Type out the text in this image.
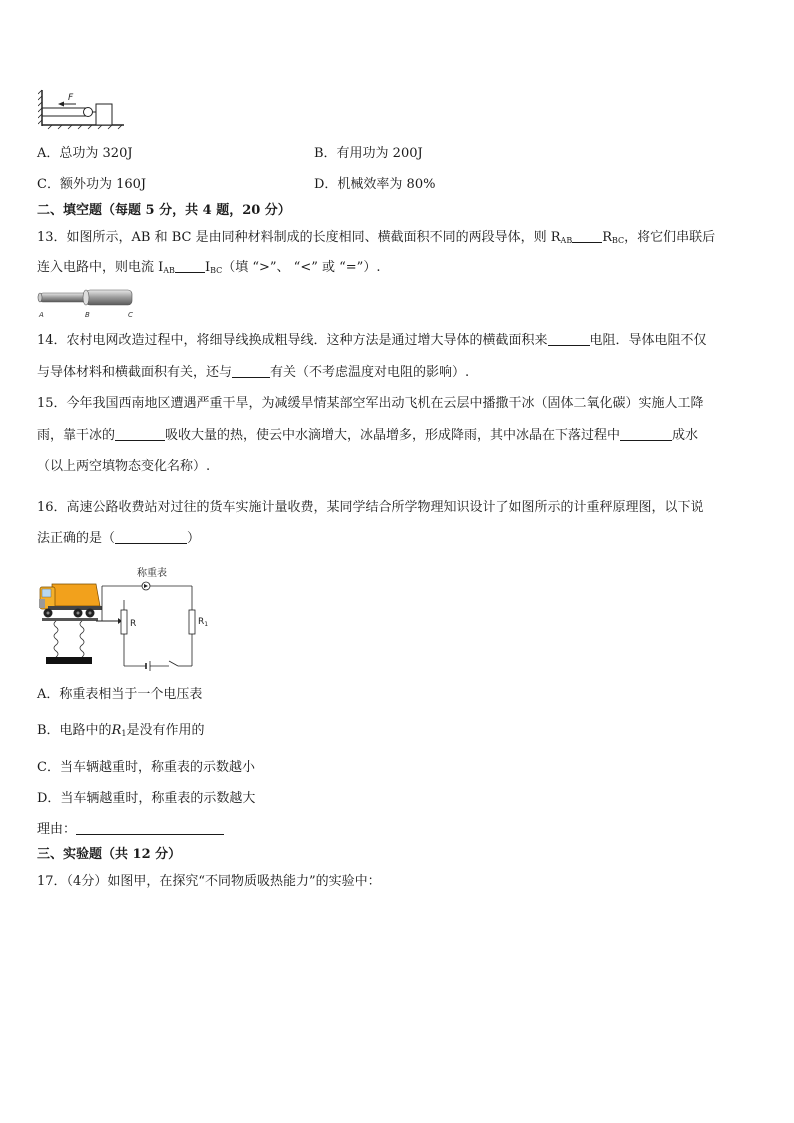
F
A．总功为 320J	B．有用功为 200J
C．额外功为 160J	D．机械效率为 80%
二、填空题（每题 5 分，共 4 题，20 分）
13．如图所示，AB 和 BC 是由同种材料制成的长度相同、横截面积不同的两段导体，则 $R_{AB}$ $R_{BC}$，将它们串联后
连入电路中，则电流 $I_{AB}$ $I_{BC}$（填 “>”、 “<” 或 “=”）.
A	B	C
14．农村电网改造过程中，将细导线换成粗导线．这种方法是通过增大导体的横截面积来	电阻．导体电阻不仅
与导体材料和横截面积有关，还与	有关（不考虑温度对电阻的影响）.
15．今年我国西南地区遭遇严重干旱，为减缓旱情某部空军出动飞机在云层中播撒干冰（固体二氧化碳）实施人工降
雨，靠干冰的	吸收大量的热，使云中水滴增大，冰晶增多，形成降雨，其中冰晶在下落过程中	成水
（以上两空填物态变化名称）.
16．高速公路收费站对过往的货车实施计量收费，某同学结合所学物理知识设计了如图所示的计重秤原理图，以下说
法正确的是（	）
称重表
R	$R_1$
A．称重表相当于一个电压表
B．电路中的$R_1$是没有作用的
C．当车辆越重时，称重表的示数越小
D．当车辆越重时，称重表的示数越大
理由：
三、实验题（共 12 分）
17．（4分）如图甲，在探究“不同物质吸热能力”的实验中：
